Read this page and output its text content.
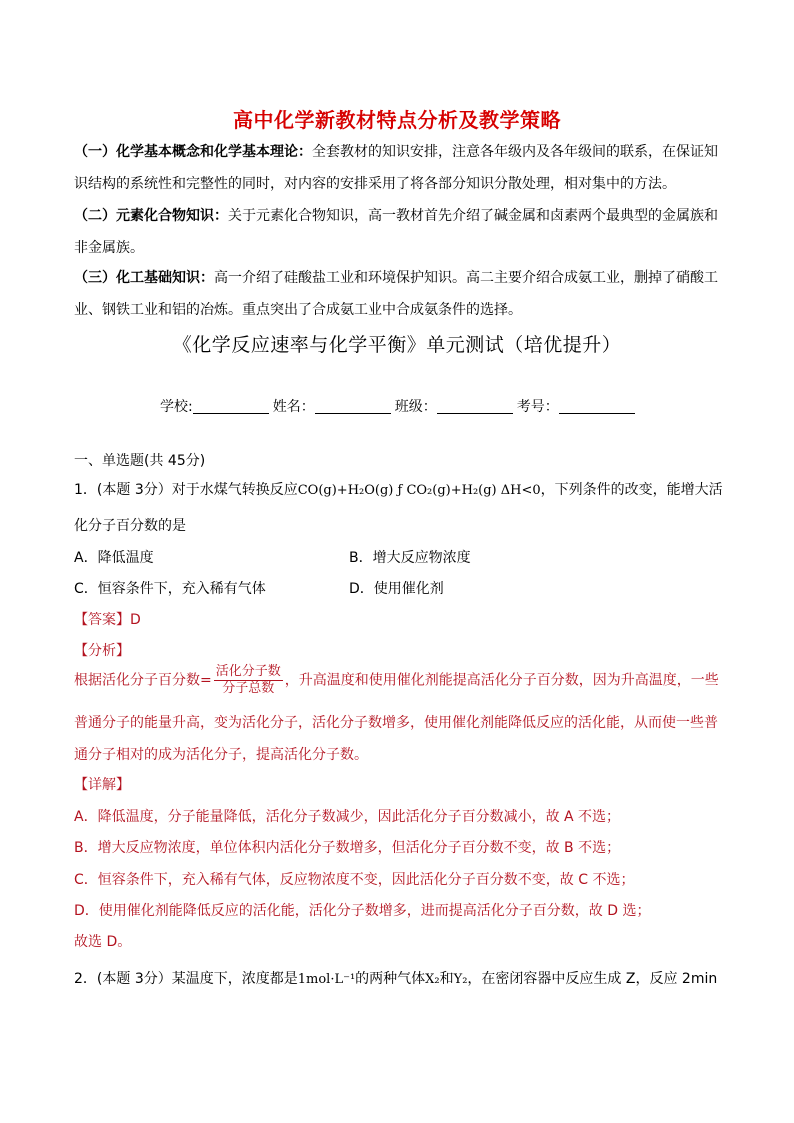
高中化学新教材特点分析及教学策略
（一）化学基本概念和化学基本理论：全套教材的知识安排，注意各年级内及各年级间的联系，在保证知识结构的系统性和完整性的同时，对内容的安排采用了将各部分知识分散处理，相对集中的方法。
（二）元素化合物知识：关于元素化合物知识，高一教材首先介绍了碱金属和卤素两个最典型的金属族和非金属族。
（三）化工基础知识：高一介绍了硅酸盐工业和环境保护知识。高二主要介绍合成氨工业，删掉了硝酸工业、钢铁工业和铝的冶炼。重点突出了合成氨工业中合成氨条件的选择。
《化学反应速率与化学平衡》单元测试（培优提升）
学校:	姓名：	班级：	考号：
一、单选题(共 45分)
1．(本题 3分）对于水煤气转换反应CO(g)+H₂O(g) ƒ CO₂(g)+H₂(g) ΔH<0，下列条件的改变，能增大活
化分子百分数的是
A．降低温度	B．增大反应物浓度
C．恒容条件下，充入稀有气体	D．使用催化剂
【答案】D
【分析】
根据活化分子百分数= $\frac{\text{活化分子数}}{\text{分子总数}}$ ，升高温度和使用催化剂能提高活化分子百分数，因为升高温度，一些
普通分子的能量升高，变为活化分子，活化分子数增多，使用催化剂能降低反应的活化能，从而使一些普
通分子相对的成为活化分子，提高活化分子数。
【详解】
A．降低温度，分子能量降低，活化分子数减少，因此活化分子百分数减小，故 A 不选；
B．增大反应物浓度，单位体积内活化分子数增多，但活化分子百分数不变，故 B 不选；
C．恒容条件下，充入稀有气体，反应物浓度不变，因此活化分子百分数不变，故 C 不选；
D．使用催化剂能降低反应的活化能，活化分子数增多，进而提高活化分子百分数，故 D 选；
故选 D。
2．(本题 3分）某温度下，浓度都是1mol·L⁻¹的两种气体X₂和Y₂，在密闭容器中反应生成 Z，反应 2min
